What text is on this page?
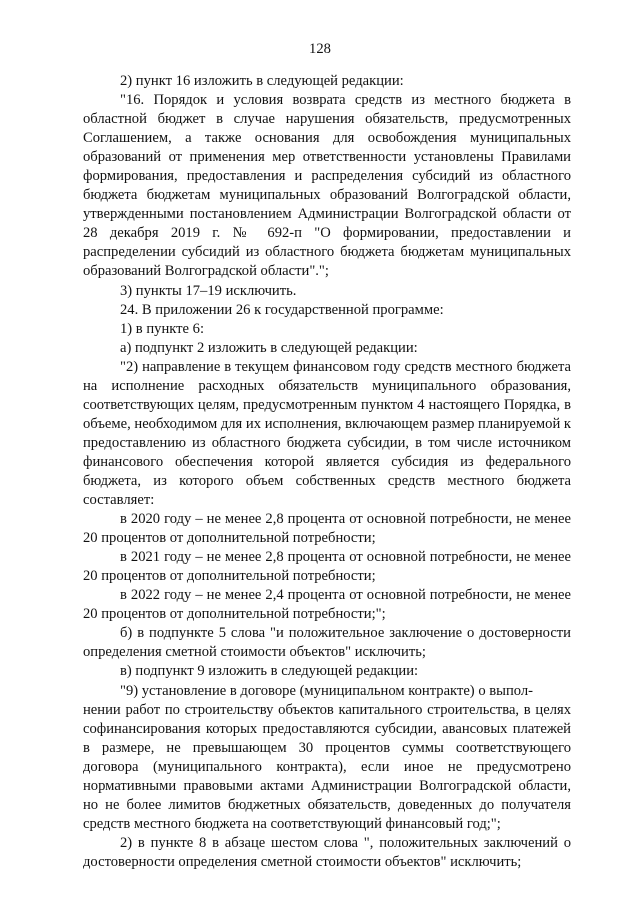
128

2) пункт 16 изложить в следующей редакции:

"16. Порядок и условия возврата средств из местного бюджета в областной бюджет в случае нарушения обязательств, предусмотренных Соглашением, а также основания для освобождения муниципальных образований от применения мер ответственности установлены Правилами формирования, предоставления и распределения субсидий из областного бюджета бюджетам муниципальных образований Волгоградской области, утвержденными постановлением Администрации Волгоградской области от 28 декабря 2019 г. № 692-п "О формировании, предоставлении и распределении субсидий из областного бюджета бюджетам муниципальных образований Волгоградской области".";

3) пункты 17–19 исключить.

24. В приложении 26 к государственной программе:

1) в пункте 6:

а) подпункт 2 изложить в следующей редакции:

"2) направление в текущем финансовом году средств местного бюджета на исполнение расходных обязательств муниципального образования, соответствующих целям, предусмотренным пунктом 4 настоящего Порядка, в объеме, необходимом для их исполнения, включающем размер планируемой к предоставлению из областного бюджета субсидии, в том числе источником финансового обеспечения которой является субсидия из федерального бюджета, из которого объем собственных средств местного бюджета составляет:

в 2020 году – не менее 2,8 процента от основной потребности, не менее 20 процентов от дополнительной потребности;

в 2021 году – не менее 2,8 процента от основной потребности, не менее 20 процентов от дополнительной потребности;

в 2022 году – не менее 2,4 процента от основной потребности, не менее 20 процентов от дополнительной потребности;";

б) в подпункте 5 слова "и положительное заключение о достоверности определения сметной стоимости объектов" исключить;

в) подпункт 9 изложить в следующей редакции:

"9) установление в договоре (муниципальном контракте) о выпол-
нении работ по строительству объектов капитального строительства, в целях софинансирования которых предоставляются субсидии, авансовых платежей в размере, не превышающем 30 процентов суммы соответствующего договора (муниципального контракта), если иное не предусмотрено нормативными правовыми актами Администрации Волгоградской области, но не более лимитов бюджетных обязательств, доведенных до получателя средств местного бюджета на соответствующий финансовый год;";

2) в пункте 8 в абзаце шестом слова ", положительных заключений о достоверности определения сметной стоимости объектов" исключить;
